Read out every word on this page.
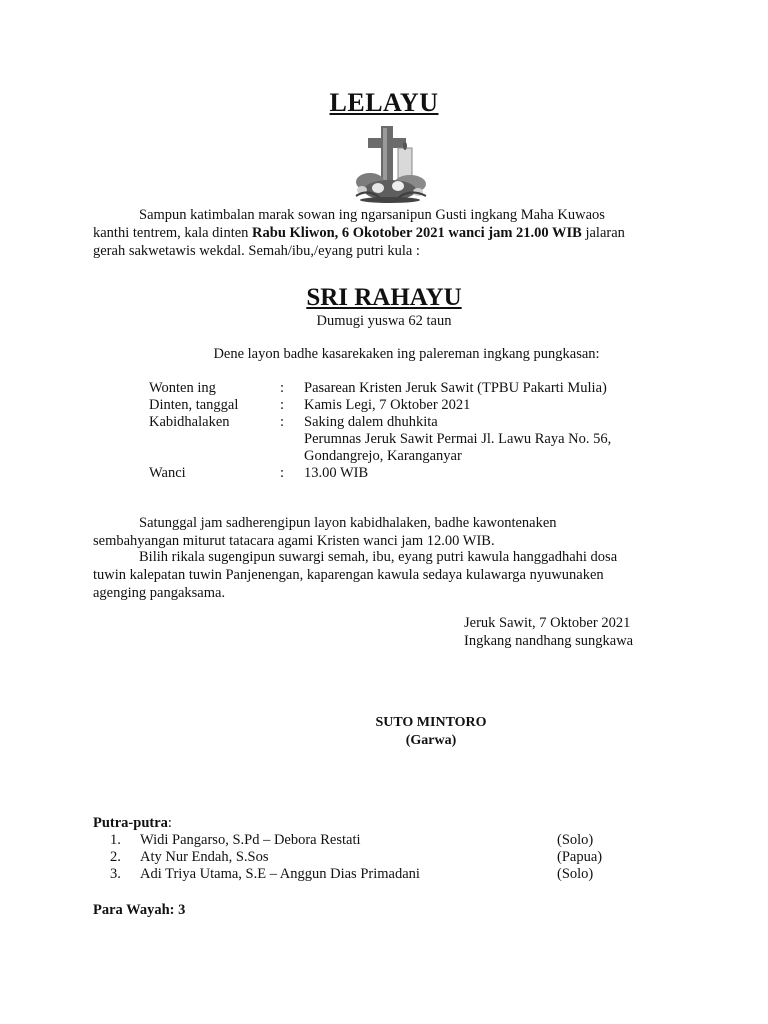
LELAYU
Sampun katimbalan marak sowan ing ngarsanipun Gusti ingkang Maha Kuwaos
kanthi tentrem, kala dinten Rabu Kliwon, 6 Okotober 2021 wanci jam 21.00 WIB jalaran
gerah sakwetawis wekdal. Semah/ibu,/eyang putri kula :
SRI RAHAYU
Dumugi yuswa 62 taun
Dene layon badhe kasarekaken ing palereman ingkang pungkasan:
Wonten ing	: Pasarean Kristen Jeruk Sawit (TPBU Pakarti Mulia)
Dinten, tanggal	: Kamis Legi, 7 Oktober 2021
Kabidhalaken	: Saking dalem dhuhkita
Perumnas Jeruk Sawit Permai Jl. Lawu Raya No. 56,
Gondangrejo, Karanganyar
Wanci	: 13.00 WIB
Satunggal jam sadherengipun layon kabidhalaken, badhe kawontenaken
sembahyangan miturut tatacara agami Kristen wanci jam 12.00 WIB.
Bilih rikala sugengipun suwargi semah, ibu, eyang putri kawula hanggadhahi dosa
tuwin kalepatan tuwin Panjenengan, kaparengan kawula sedaya kulawarga nyuwunaken
agenging pangaksama.
Jeruk Sawit, 7 Oktober 2021
Ingkang nandhang sungkawa
SUTO MINTORO
(Garwa)
Putra-putra:
1. Widi Pangarso, S.Pd – Debora Restati	(Solo)
2. Aty Nur Endah, S.Sos	(Papua)
3. Adi Triya Utama, S.E – Anggun Dias Primadani	(Solo)
Para Wayah: 3
